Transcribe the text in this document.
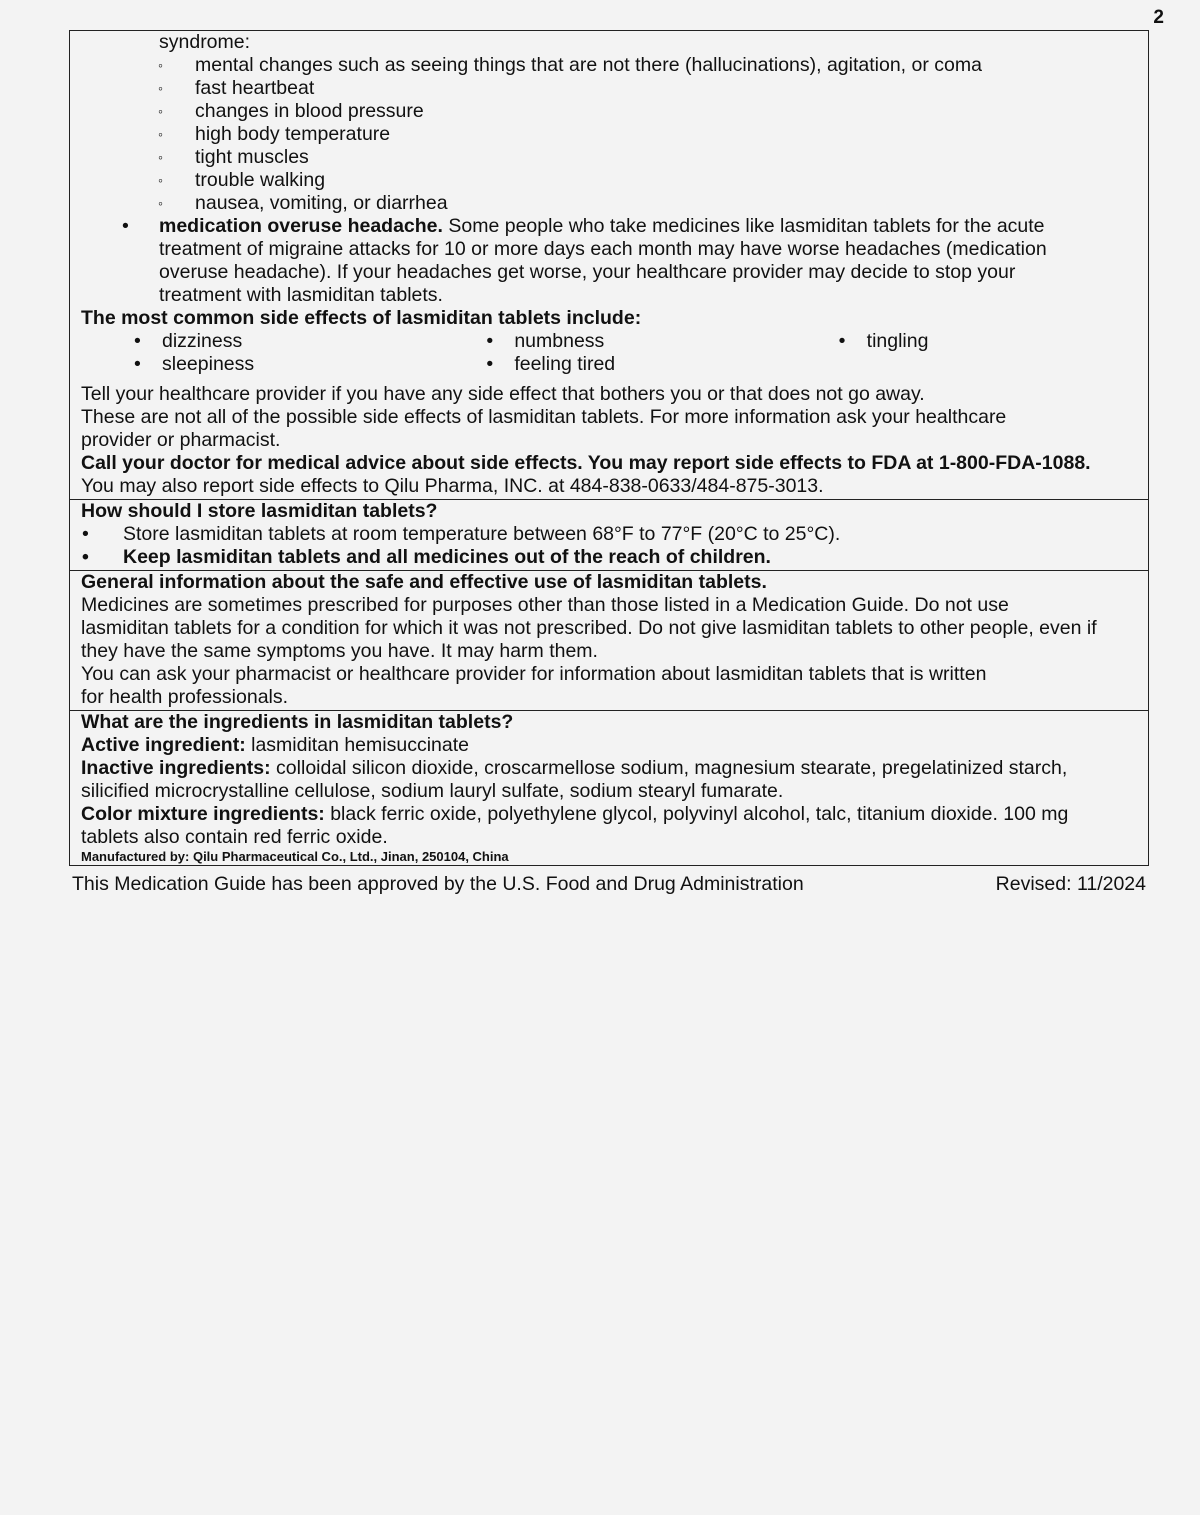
2
syndrome:
◦ mental changes such as seeing things that are not there (hallucinations), agitation, or coma
◦ fast heartbeat
◦ changes in blood pressure
◦ high body temperature
◦ tight muscles
◦ trouble walking
◦ nausea, vomiting, or diarrhea
• medication overuse headache. Some people who take medicines like lasmiditan tablets for the acute
treatment of migraine attacks for 10 or more days each month may have worse headaches (medication
overuse headache). If your headaches get worse, your healthcare provider may decide to stop your
treatment with lasmiditan tablets.
The most common side effects of lasmiditan tablets include:
• dizziness
• sleepiness
• numbness
• feeling tired
• tingling
Tell your healthcare provider if you have any side effect that bothers you or that does not go away.
These are not all of the possible side effects of lasmiditan tablets. For more information ask your healthcare
provider or pharmacist.
Call your doctor for medical advice about side effects. You may report side effects to FDA at 1-800-FDA-1088.
You may also report side effects to Qilu Pharma, INC. at 484-838-0633/484-875-3013.
How should I store lasmiditan tablets?
• Store lasmiditan tablets at room temperature between 68°F to 77°F (20°C to 25°C).
• Keep lasmiditan tablets and all medicines out of the reach of children.
General information about the safe and effective use of lasmiditan tablets.
Medicines are sometimes prescribed for purposes other than those listed in a Medication Guide. Do not use
lasmiditan tablets for a condition for which it was not prescribed. Do not give lasmiditan tablets to other people, even if
they have the same symptoms you have. It may harm them.
You can ask your pharmacist or healthcare provider for information about lasmiditan tablets that is written
for health professionals.
What are the ingredients in lasmiditan tablets?
Active ingredient: lasmiditan hemisuccinate
Inactive ingredients: colloidal silicon dioxide, croscarmellose sodium, magnesium stearate, pregelatinized starch,
silicified microcrystalline cellulose, sodium lauryl sulfate, sodium stearyl fumarate.
Color mixture ingredients: black ferric oxide, polyethylene glycol, polyvinyl alcohol, talc, titanium dioxide. 100 mg
tablets also contain red ferric oxide.
Manufactured by: Qilu Pharmaceutical Co., Ltd., Jinan, 250104, China
This Medication Guide has been approved by the U.S. Food and Drug Administration	Revised: 11/2024
